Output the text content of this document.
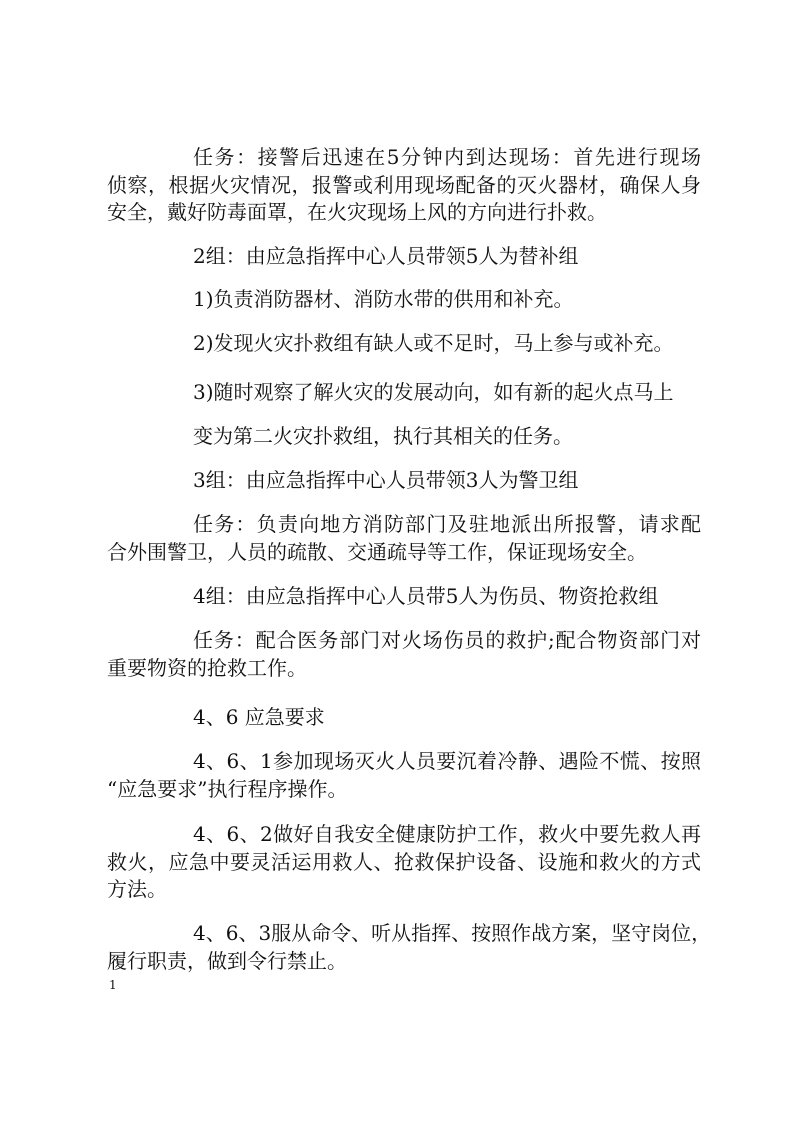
任务：接警后迅速在5分钟内到达现场：首先进行现场
侦察，根据火灾情况，报警或利用现场配备的灭火器材，确保人身
安全，戴好防毒面罩，在火灾现场上风的方向进行扑救。
2组：由应急指挥中心人员带领5人为替补组
1)负责消防器材、消防水带的供用和补充。
2)发现火灾扑救组有缺人或不足时，马上参与或补充。
3)随时观察了解火灾的发展动向，如有新的起火点马上
变为第二火灾扑救组，执行其相关的任务。
3组：由应急指挥中心人员带领3人为警卫组
任务：负责向地方消防部门及驻地派出所报警，请求配
合外围警卫，人员的疏散、交通疏导等工作，保证现场安全。
4组：由应急指挥中心人员带5人为伤员、物资抢救组
任务：配合医务部门对火场伤员的救护;配合物资部门对
重要物资的抢救工作。
4、6 应急要求
4、6、1参加现场灭火人员要沉着冷静、遇险不慌、按照
“应急要求”执行程序操作。
4、6、2做好自我安全健康防护工作，救火中要先救人再
救火，应急中要灵活运用救人、抢救保护设备、设施和救火的方式
方法。
4、6、3服从命令、听从指挥、按照作战方案，坚守岗位，
履行职责，做到令行禁止。
1
